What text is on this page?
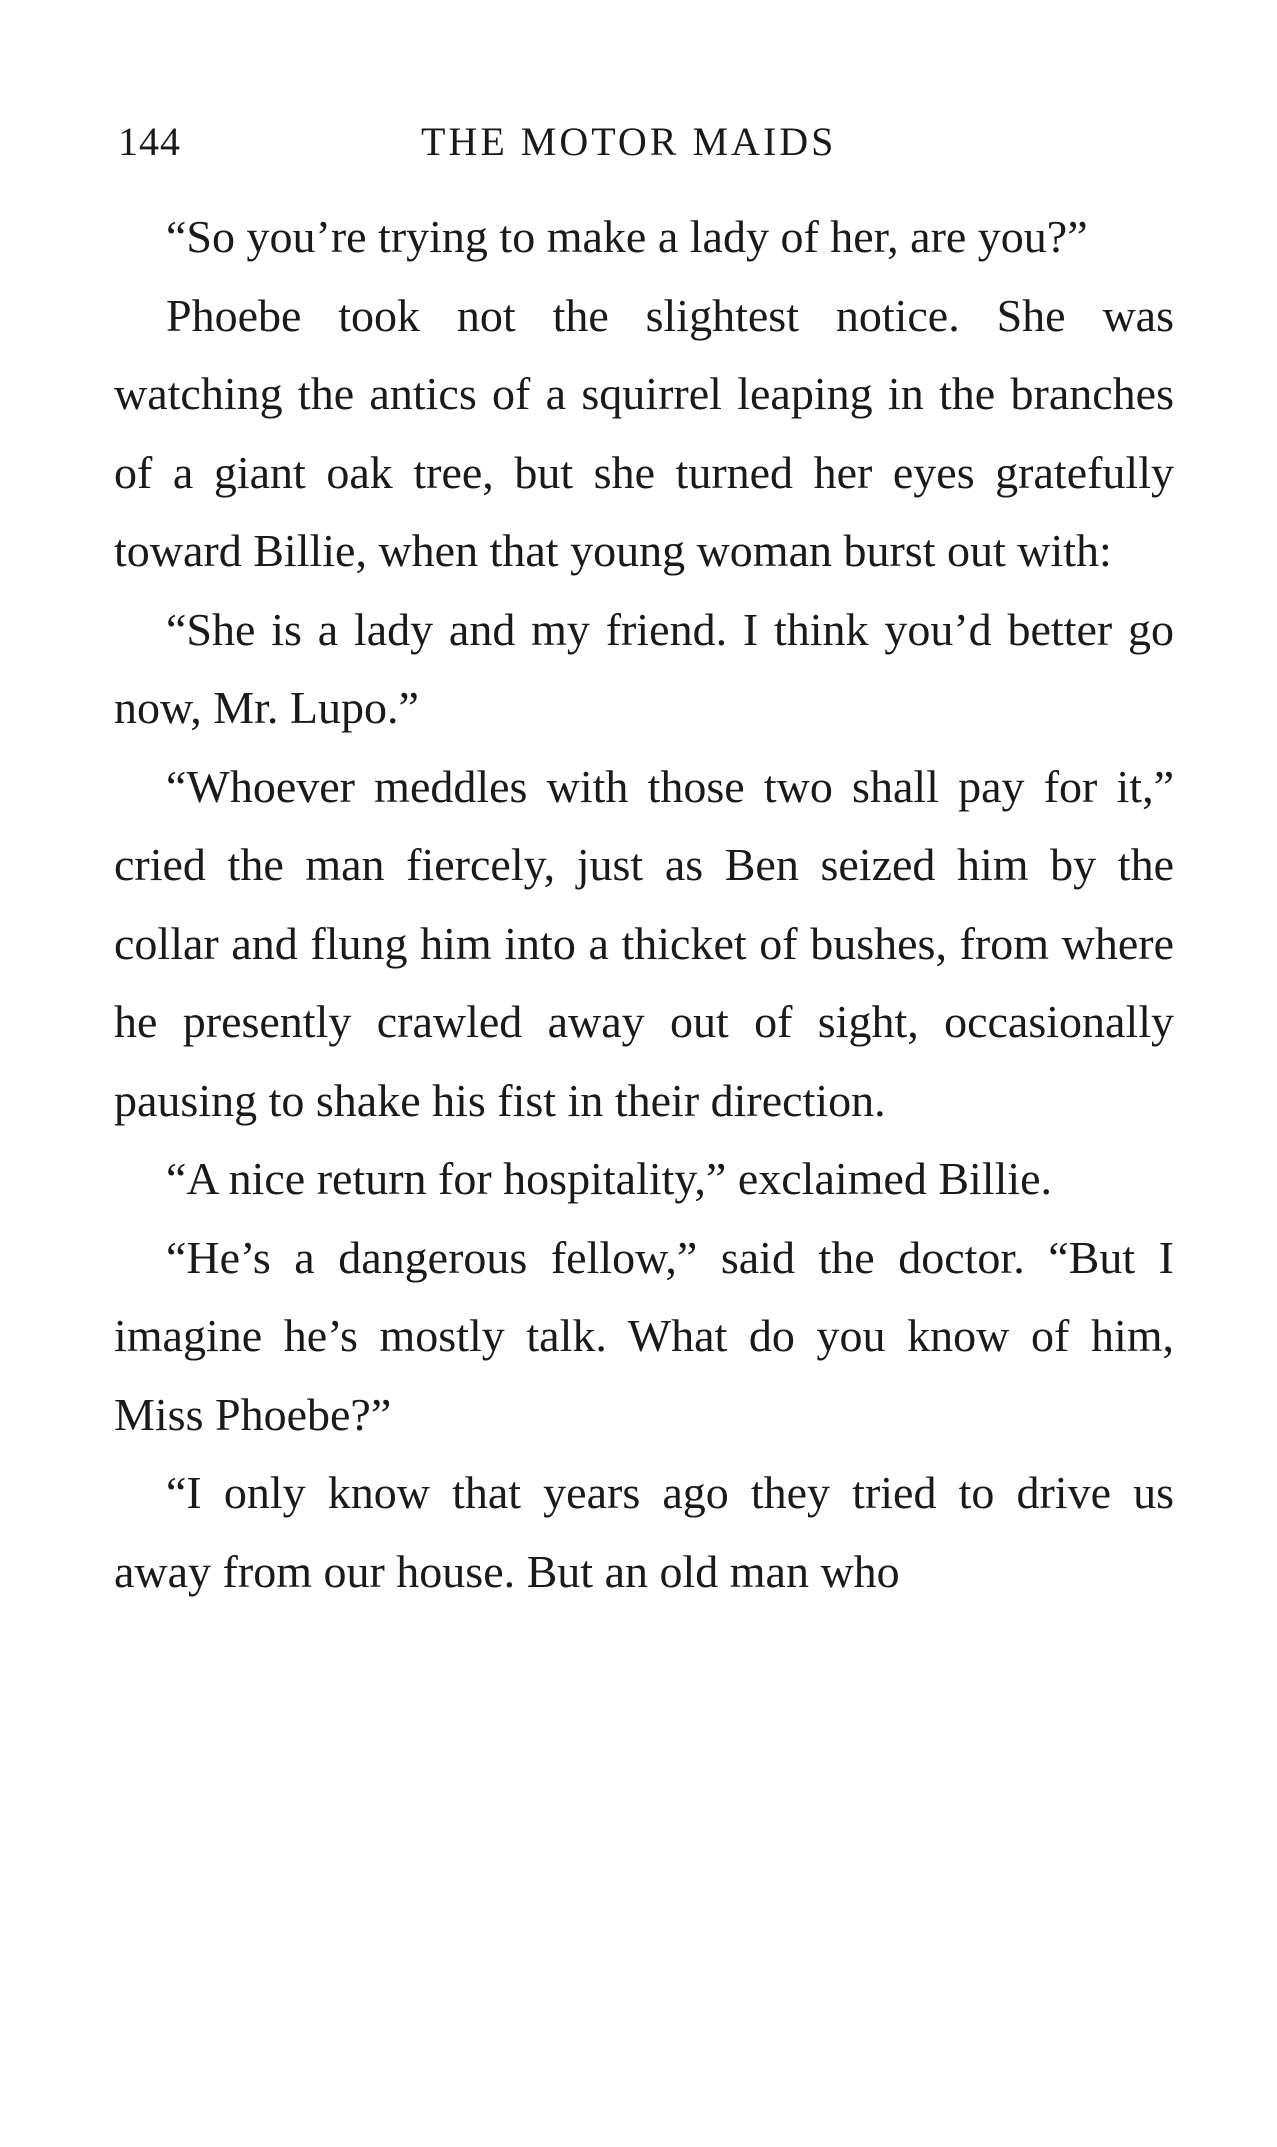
144	THE MOTOR MAIDS

“So you’re trying to make a lady of her, are you?”

Phoebe took not the slightest notice. She was watching the antics of a squirrel leaping in the branches of a giant oak tree, but she turned her eyes gratefully toward Billie, when that young woman burst out with:

“She is a lady and my friend. I think you’d better go now, Mr. Lupo.”

“Whoever meddles with those two shall pay for it,” cried the man fiercely, just as Ben seized him by the collar and flung him into a thicket of bushes, from where he presently crawled away out of sight, occasionally pausing to shake his fist in their direction.

“A nice return for hospitality,” exclaimed Billie.

“He’s a dangerous fellow,” said the doctor. “But I imagine he’s mostly talk. What do you know of him, Miss Phoebe?”

“I only know that years ago they tried to drive us away from our house. But an old man who
